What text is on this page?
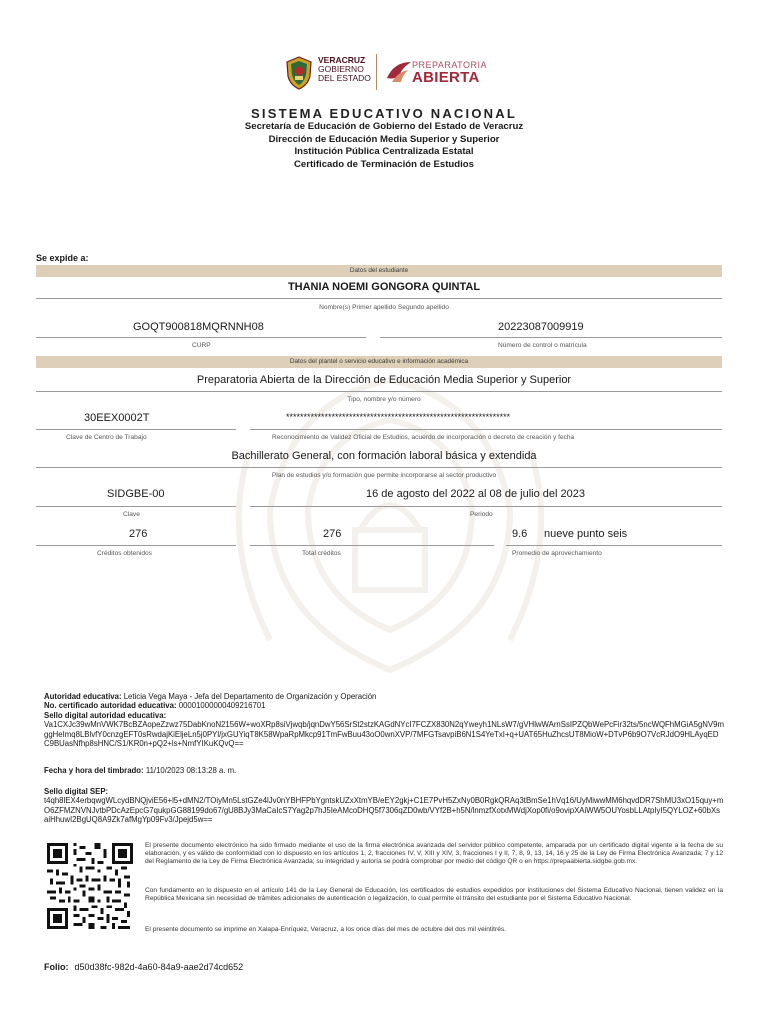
VERACRUZ
GOBIERNO
DEL ESTADO
PREPARATORIA
ABIERTA
SISTEMA EDUCATIVO NACIONAL
Secretaría de Educación de Gobierno del Estado de Veracruz
Dirección de Educación Media Superior y Superior
Institución Pública Centralizada Estatal
Certificado de Terminación de Estudios
Se expide a:
Datos del estudiante
THANIA NOEMI GONGORA QUINTAL
Nombre(s) Primer apellido Segundo apellido
GOQT900818MQRNNH08
CURP
20223087009919
Número de control o matrícula
Datos del plantel o servicio educativo e información académica
Preparatoria Abierta de la Dirección de Educación Media Superior y Superior
Tipo, nombre y/o número
30EEX0002T
Clave de Centro de Trabajo
****************************************************************
Reconocimiento de Validez Oficial de Estudios, acuerdo de incorporación o decreto de creación y fecha
Bachillerato General, con formación laboral básica y extendida
Plan de estudios y/o formación que permite incorporarse al sector productivo
SIDGBE-00
Clave
16 de agosto del 2022 al 08 de julio del 2023
Periodo
276
Créditos obtenidos
276
Total créditos
9.6 nueve punto seis
Promedio de aprovechamiento
Autoridad educativa: Leticia Vega Maya - Jefa del Departamento de Organización y Operación
No. certificado autoridad educativa: 00001000000409216701
Sello digital autoridad educativa:
Va1CXJc39wMnVWK7BcBZAopeZzwz75DabKnoN2156W+woXRp8siVjwqb/jqnDwY56SrSt2stzKAGdNYcI7FCZX830N2qYweyh1NLsW7/gVHlwWArnSsIPZQbWePcFir32ts/5ncWQFhMGiA5gNV9mggHeImq8LBlvfY0cnzgEFT0sRwdajKiEljeLn5j0PYl/jxGUYiqT8K58WpaRpMkcp91TmFwBuu43oO0wnXVP/7MFGTsavpiB6N1S4YeTxI+q+UAT65HuZhcsUT8MioW+DTvP6b9O7VcRJdO9HLAyqEDC9BUasNfhp8sHNC/S1/KR0n+pQ2+ls+NmfYIKuKQvQ==
Fecha y hora del timbrado: 11/10/2023 08:13:28 a. m.
Sello digital SEP:
t4qh8lEX4erbqwgWLcydBNQjviE56+l5+dMN2/TOiyMn5LstGZe4lJv0nYBHFPbYgntskUZxXtmYB/eEY2gkj+C1E7PvH5ZxNy0B0RgkQRAq3tBmSe1hVq16/UyMiwwMM6hqvdDR7ShMU3xO15quy+mO6ZFMZNVNJvtbPDcAzEpcG7qukpGG88199do67/gU8BJy3MaCaIcS7Yag2p7hJ5IeAMcoDHQ5f7306qZD0wb/VYf2B+h5N/lnmzfXotxMWdjXop0fi/o9ovipXAiWW5OUYosbLLAtpIyI5QYLOZ+60bXsaiHhuwI2BgUQ8A9Zk7afMgYp09Fv3/Jpejd5w==
El presente documento electrónico ha sido firmado mediante el uso de la firma electrónica avanzada del servidor público competente, amparada por un certificado digital vigente a la fecha de su elaboración, y es válido de conformidad con lo dispuesto en los artículos 1, 2, fracciones IV, V, XIII y XIV, 3, fracciones I y II, 7, 8, 9, 13, 14, 16 y 25 de la Ley de Firma Electrónica Avanzada; 7 y 12 del Reglamento de la Ley de Firma Electrónica Avanzada; su integridad y autoría se podrá comprobar por medio del código QR o en https://prepaabierta.sidgbe.gob.mx.
Con fundamento en lo dispuesto en el artículo 141 de la Ley General de Educación, los certificados de estudios expedidos por instituciones del Sistema Educativo Nacional, tienen validez en la República Mexicana sin necesidad de trámites adicionales de autenticación o legalización, lo cual permite el tránsito del estudiante por el Sistema Educativo Nacional.
El presente documento se imprime en Xalapa-Enríquez, Veracruz, a los once días del mes de octubre del dos mil veintitrés.
Folio: d50d38fc-982d-4a60-84a9-aae2d74cd652
